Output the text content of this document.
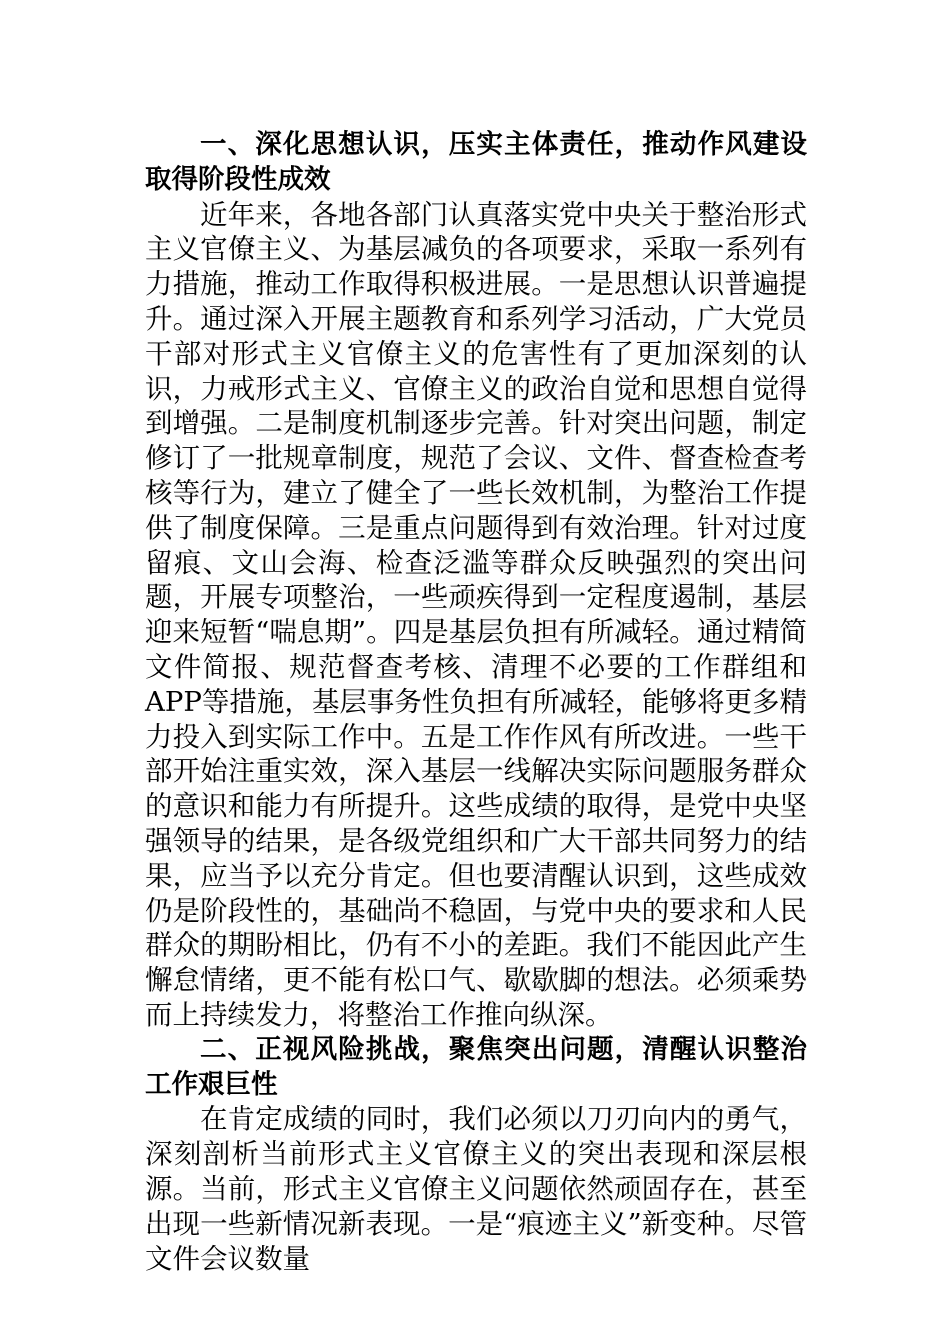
一、深化思想认识，压实主体责任，推动作风建设取得阶段性成效

近年来，各地各部门认真落实党中央关于整治形式主义官僚主义、为基层减负的各项要求，采取一系列有力措施，推动工作取得积极进展。一是思想认识普遍提升。通过深入开展主题教育和系列学习活动，广大党员干部对形式主义官僚主义的危害性有了更加深刻的认识，力戒形式主义、官僚主义的政治自觉和思想自觉得到增强。二是制度机制逐步完善。针对突出问题，制定修订了一批规章制度，规范了会议、文件、督查检查考核等行为，建立了健全了一些长效机制，为整治工作提供了制度保障。三是重点问题得到有效治理。针对过度留痕、文山会海、检查泛滥等群众反映强烈的突出问题，开展专项整治，一些顽疾得到一定程度遏制，基层迎来短暂“喘息期”。四是基层负担有所减轻。通过精简文件简报、规范督查考核、清理不必要的工作群组和APP等措施，基层事务性负担有所减轻，能够将更多精力投入到实际工作中。五是工作作风有所改进。一些干部开始注重实效，深入基层一线解决实际问题服务群众的意识和能力有所提升。这些成绩的取得，是党中央坚强领导的结果，是各级党组织和广大干部共同努力的结果，应当予以充分肯定。但也要清醒认识到，这些成效仍是阶段性的，基础尚不稳固，与党中央的要求和人民群众的期盼相比，仍有不小的差距。我们不能因此产生懈怠情绪，更不能有松口气、歇歇脚的想法。必须乘势而上持续发力，将整治工作推向纵深。

二、正视风险挑战，聚焦突出问题，清醒认识整治工作艰巨性

在肯定成绩的同时，我们必须以刀刃向内的勇气，深刻剖析当前形式主义官僚主义的突出表现和深层根源。当前，形式主义官僚主义问题依然顽固存在，甚至出现一些新情况新表现。一是“痕迹主义”新变种。尽管文件会议数量
